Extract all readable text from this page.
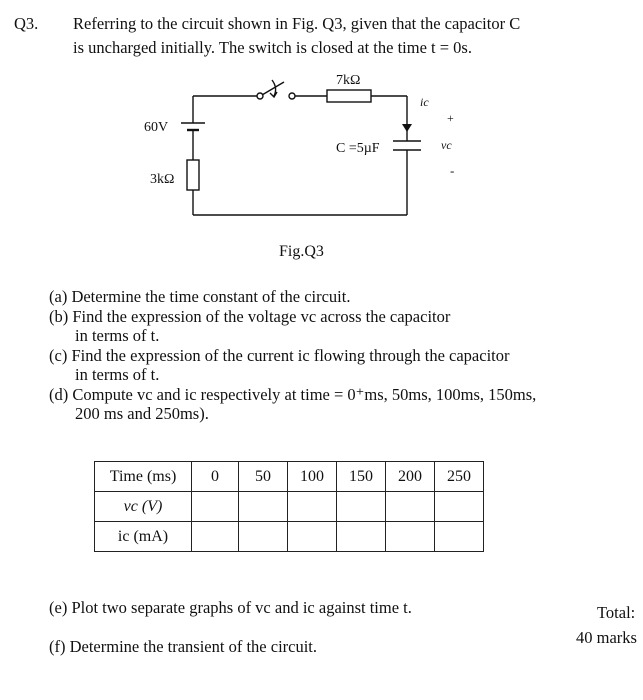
Q3. Referring to the circuit shown in Fig. Q3, given that the capacitor C
is uncharged initially. The switch is closed at the time t = 0s.
7kΩ
60V
3kΩ
C =5µF
ic
+
vc
-
Fig.Q3
(a) Determine the time constant of the circuit.
(b) Find the expression of the voltage vc across the capacitor
in terms of t.
(c) Find the expression of the current ic flowing through the capacitor
in terms of t.
(d) Compute vc and ic respectively at time = 0⁺ms, 50ms, 100ms, 150ms,
200 ms and 250ms).
Time (ms)	0	50	100	150	200	250
vc (V)						
ic (mA)						
(e) Plot two separate graphs of vc and ic against time t.
(f) Determine the transient of the circuit.
Total:
40 marks
